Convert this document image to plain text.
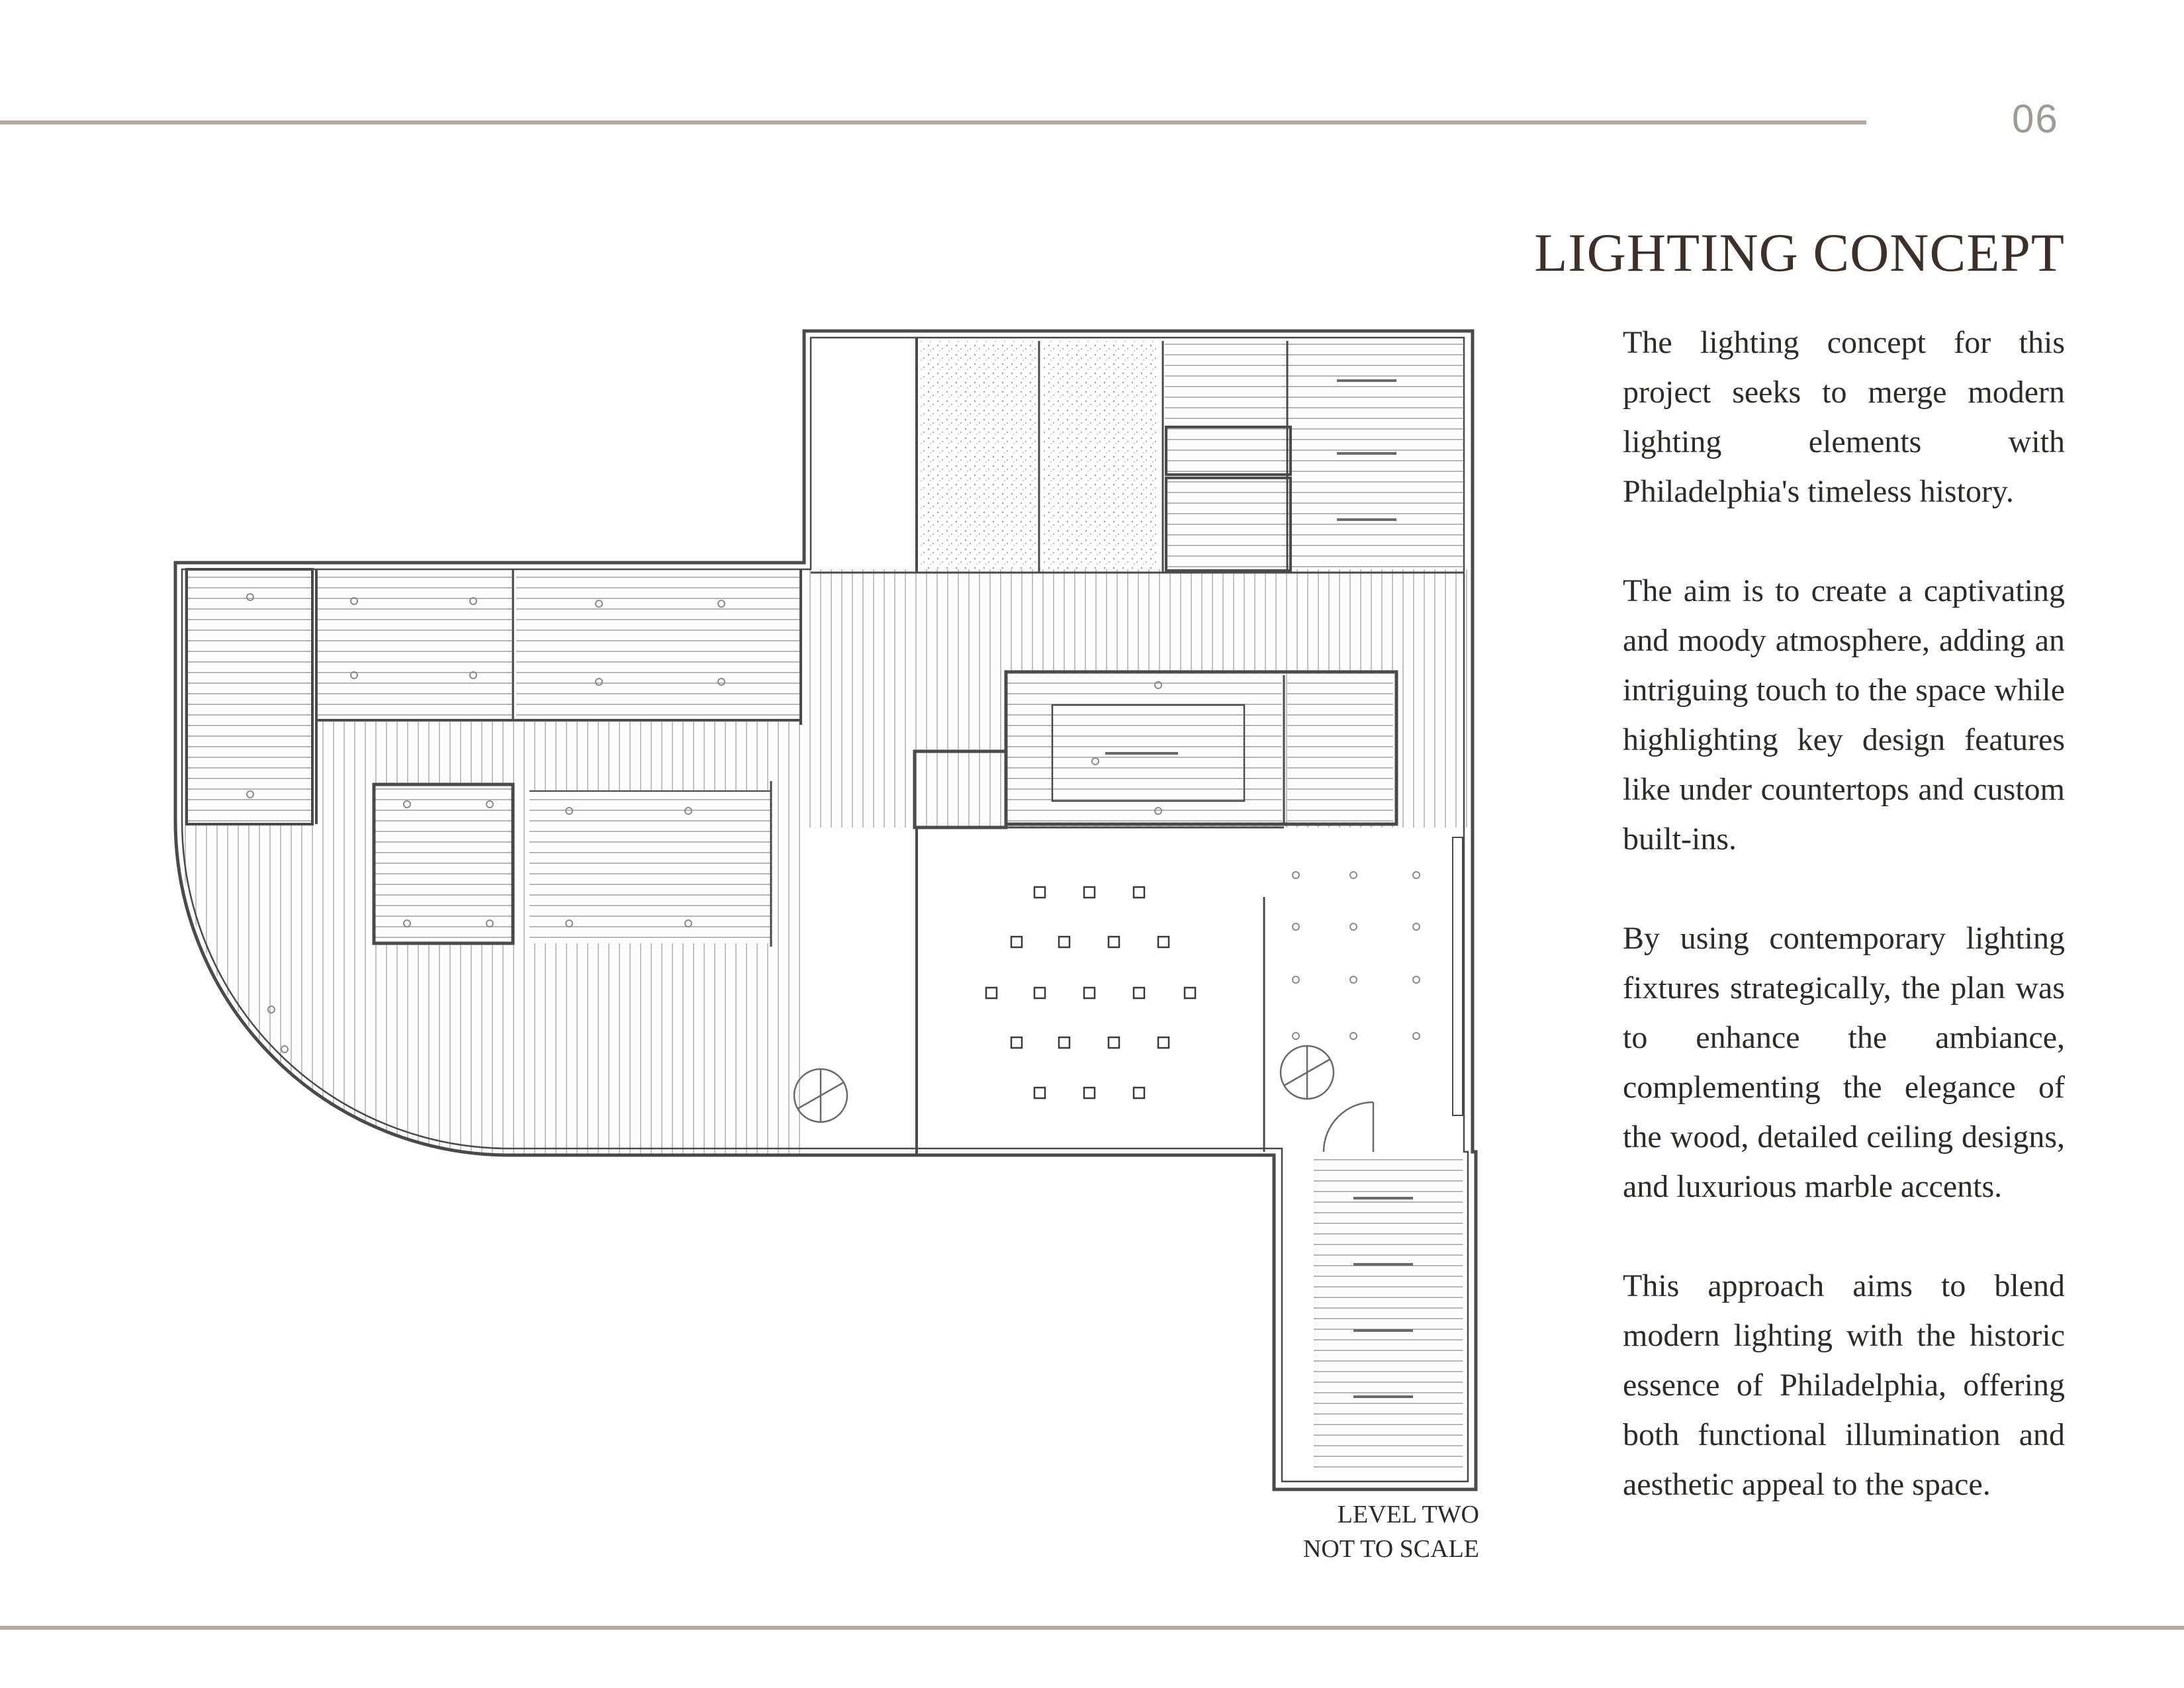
06
LIGHTING CONCEPT

The lighting concept for this project seeks to merge modern lighting elements with Philadelphia's timeless history.

The aim is to create a captivating and moody atmosphere, adding an intriguing touch to the space while highlighting key design features like under countertops and custom built-ins.

By using contemporary lighting fixtures strategically, the plan was to enhance the ambiance, complementing the elegance of the wood, detailed ceiling designs, and luxurious marble accents.

This approach aims to blend modern lighting with the historic essence of Philadelphia, offering both functional illumination and aesthetic appeal to the space.

LEVEL TWO
NOT TO SCALE
